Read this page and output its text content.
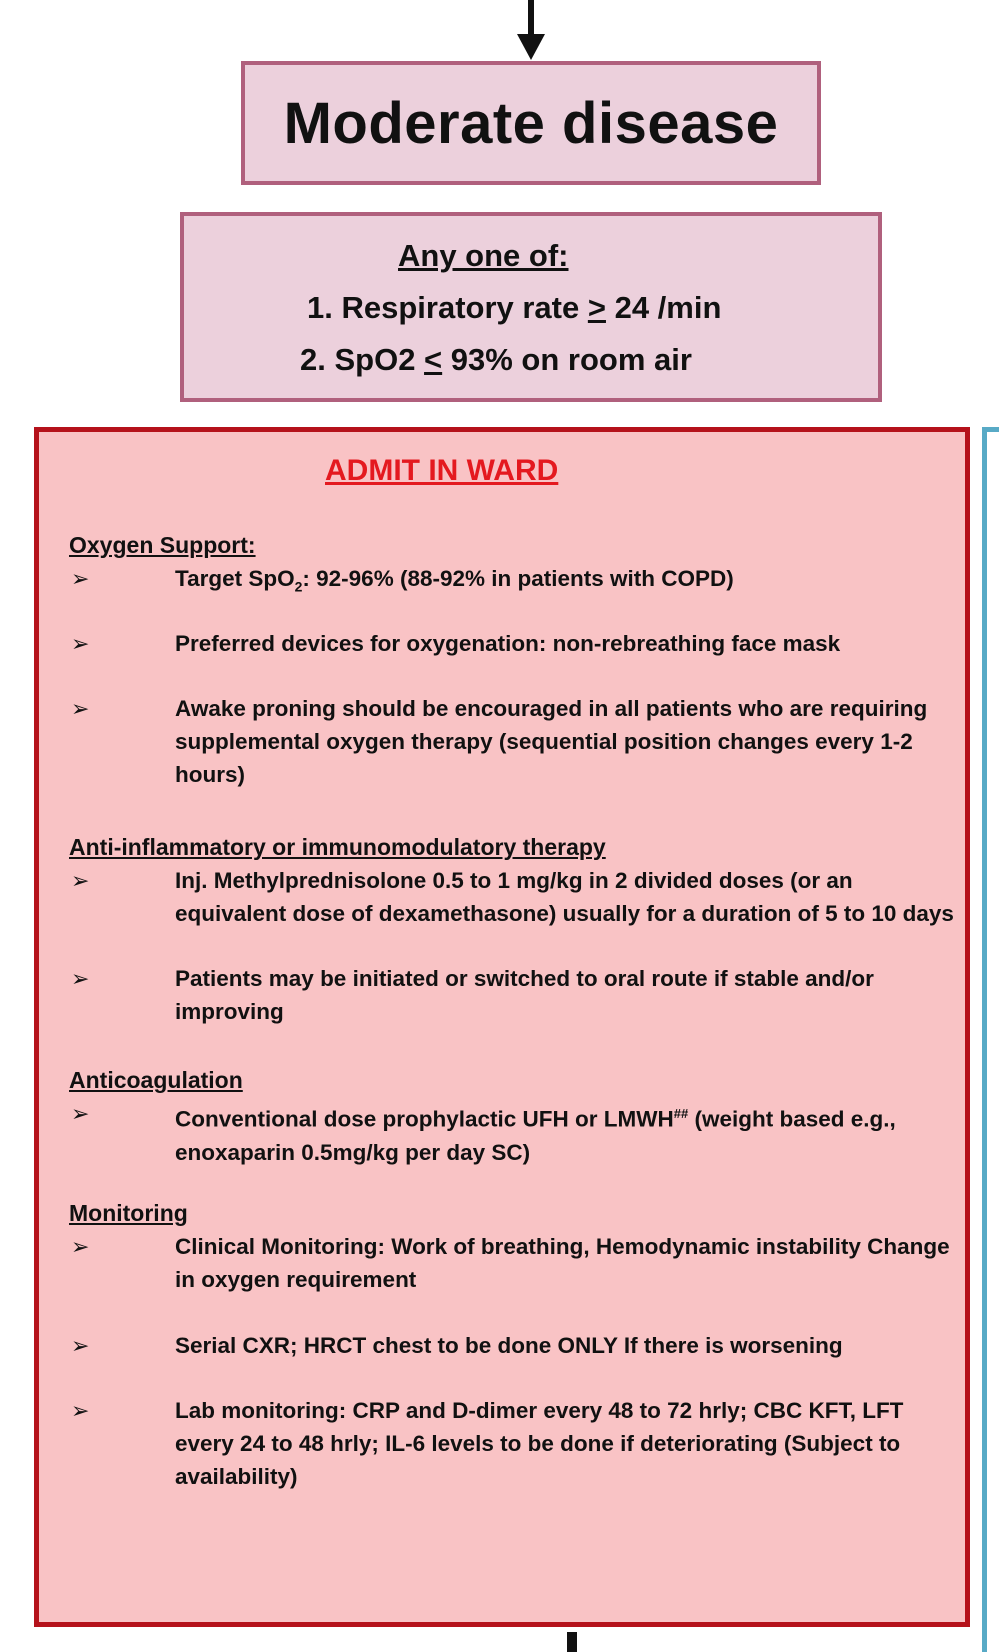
Moderate disease
Any one of:
1. Respiratory rate ≥ 24 /min
2. SpO2 ≤ 93% on room air
ADMIT IN WARD
Oxygen Support:
➢	Target SpO$_2$: 92-96% (88-92% in patients with COPD)
➢	Preferred devices for oxygenation: non-rebreathing face mask
➢	Awake proning should be encouraged in all patients who are requiring supplemental oxygen therapy (sequential position changes every 1-2 hours)
Anti-inflammatory or immunomodulatory therapy
➢	Inj. Methylprednisolone 0.5 to 1 mg/kg in 2 divided doses (or an equivalent dose of dexamethasone) usually for a duration of 5 to 10 days
➢	Patients may be initiated or switched to oral route if stable and/or improving
Anticoagulation
➢	Conventional dose prophylactic UFH or LMWH## (weight based e.g., enoxaparin 0.5mg/kg per day SC)
Monitoring
➢	Clinical Monitoring: Work of breathing, Hemodynamic instability Change in oxygen requirement
➢	Serial CXR; HRCT chest to be done ONLY If there is worsening
➢	Lab monitoring: CRP and D-dimer every 48 to 72 hrly; CBC KFT, LFT every 24 to 48 hrly; IL-6 levels to be done if deteriorating (Subject to availability)
